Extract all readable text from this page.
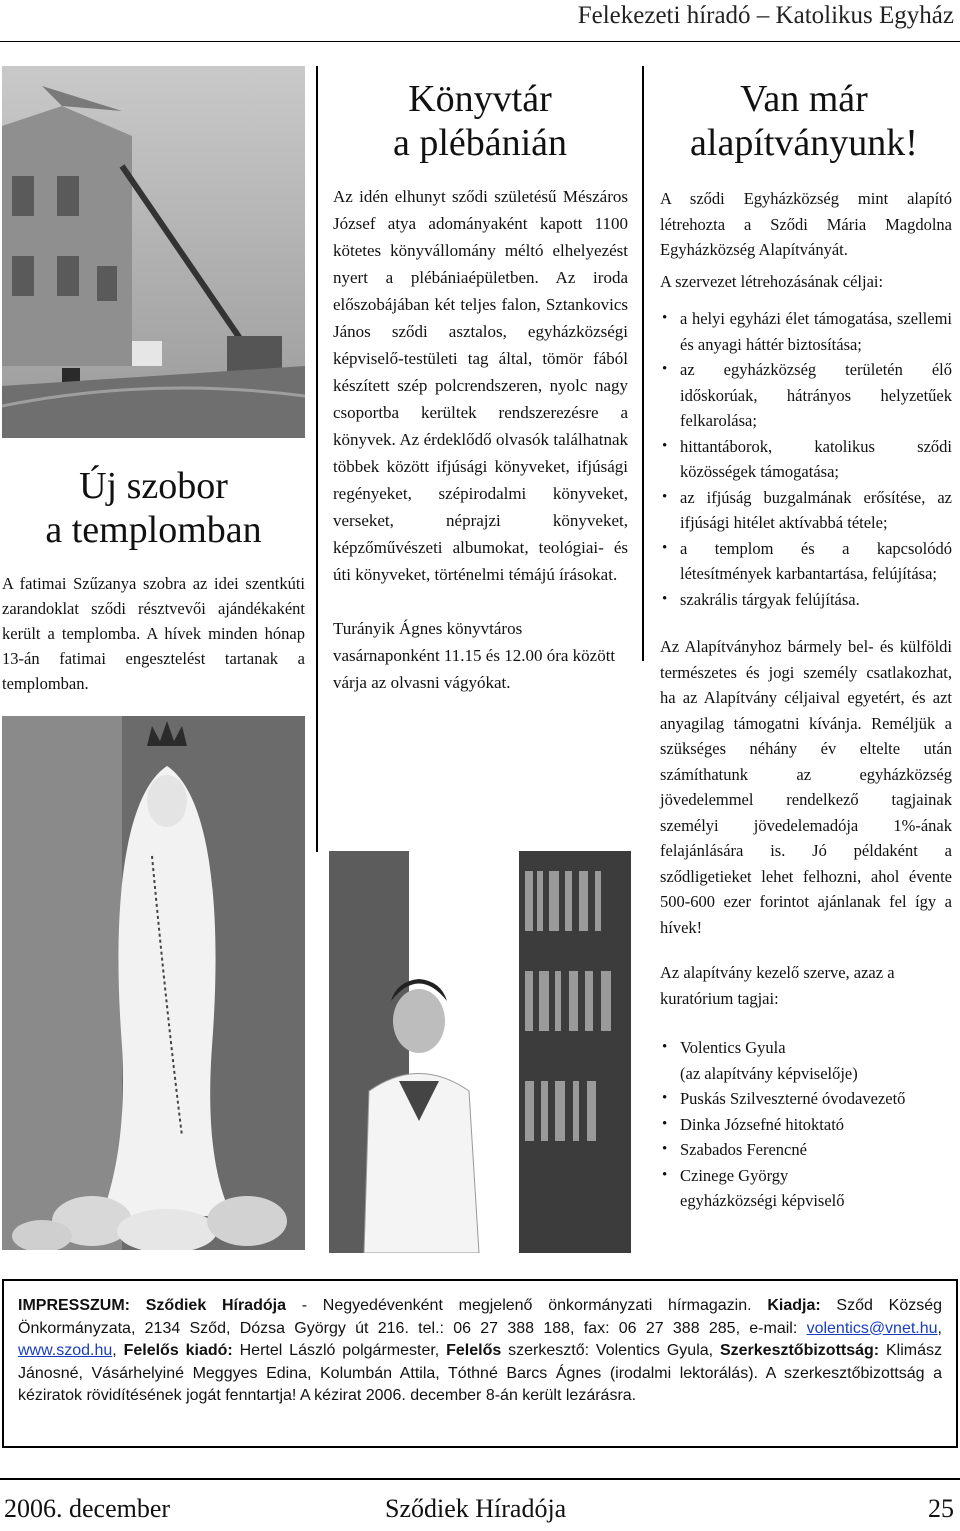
Felekezeti híradó – Katolikus Egyház
Új szobor
a templomban
A fatimai Szűzanya szobra az idei szentkúti zarandoklat sződi résztvevői ajándékaként került a templomba. A hívek minden hónap 13-án fatimai engesztelést tartanak a templomban.
Könyvtár
a plébánián

Az idén elhunyt sződi születésű Mészáros József atya adományaként kapott 1100 kötetes könyvállomány méltó elhelyezést nyert a plébániaépületben. Az iroda előszobájában két teljes falon, Sztankovics János sződi asztalos, egyházközségi képviselő-testületi tag által, tömör fából készített szép polcrendszeren, nyolc nagy csoportba kerültek rendszerezésre a könyvek. Az érdeklődő olvasók találhatnak többek között ifjúsági könyveket, ifjúsági regényeket, szépirodalmi könyveket, verseket, néprajzi könyveket, képzőművészeti albumokat, teológiai- és úti könyveket, történelmi témájú írásokat.

Turányik Ágnes könyvtáros vasárnaponként 11.15 és 12.00 óra között várja az olvasni vágyókat.

Van már
alapítványunk!

A sződi Egyházközség mint alapító létrehozta a Sződi Mária Magdolna Egyházközség Alapítványát.

A szervezet létrehozásának céljai:

• a helyi egyházi élet támogatása, szellemi és anyagi háttér biztosítása;
• az egyházközség területén élő időskorúak, hátrányos helyzetűek felkarolása;
• hittantáborok, katolikus sződi közösségek támogatása;
• az ifjúság buzgalmának erősítése, az ifjúsági hitélet aktívabbá tétele;
• a templom és a kapcsolódó létesítmények karbantartása, felújítása;
• szakrális tárgyak felújítása.

Az Alapítványhoz bármely bel- és külföldi természetes és jogi személy csatlakozhat, ha az Alapítvány céljaival egyetért, és azt anyagilag támogatni kívánja. Reméljük a szükséges néhány év eltelte után számíthatunk az egyházközség jövedelemmel rendelkező tagjainak személyi jövedelemadója 1%-ának felajánlására is. Jó példaként a sződligetieket lehet felhozni, ahol évente 500-600 ezer forintot ajánlanak fel így a hívek!

Az alapítvány kezelő szerve, azaz a kuratórium tagjai:

• Volentics Gyula
(az alapítvány képviselője)
• Puskás Szilveszterné óvodavezető
• Dinka Józsefné hitoktató
• Szabados Ferencné
• Czinege György
egyházközségi képviselő
IMPRESSZUM: Sződiek Híradója - Negyedévenként megjelenő önkormányzati hírmagazin. Kiadja: Sződ Község Önkormányzata, 2134 Sződ, Dózsa György út 216. tel.: 06 27 388 188, fax: 06 27 388 285, e-mail: volentics@vnet.hu, www.szod.hu, Felelős kiadó: Hertel László polgármester, Felelős szerkesztő: Volentics Gyula, Szerkesztőbizottság: Klimász Jánosné, Vásárhelyiné Meggyes Edina, Kolumbán Attila, Tóthné Barcs Ágnes (irodalmi lektorálás). A szerkesztőbizottság a kéziratok rövidítésének jogát fenntartja! A kézirat 2006. december 8-án került lezárásra.
2006. december	Sződiek Híradója	25
